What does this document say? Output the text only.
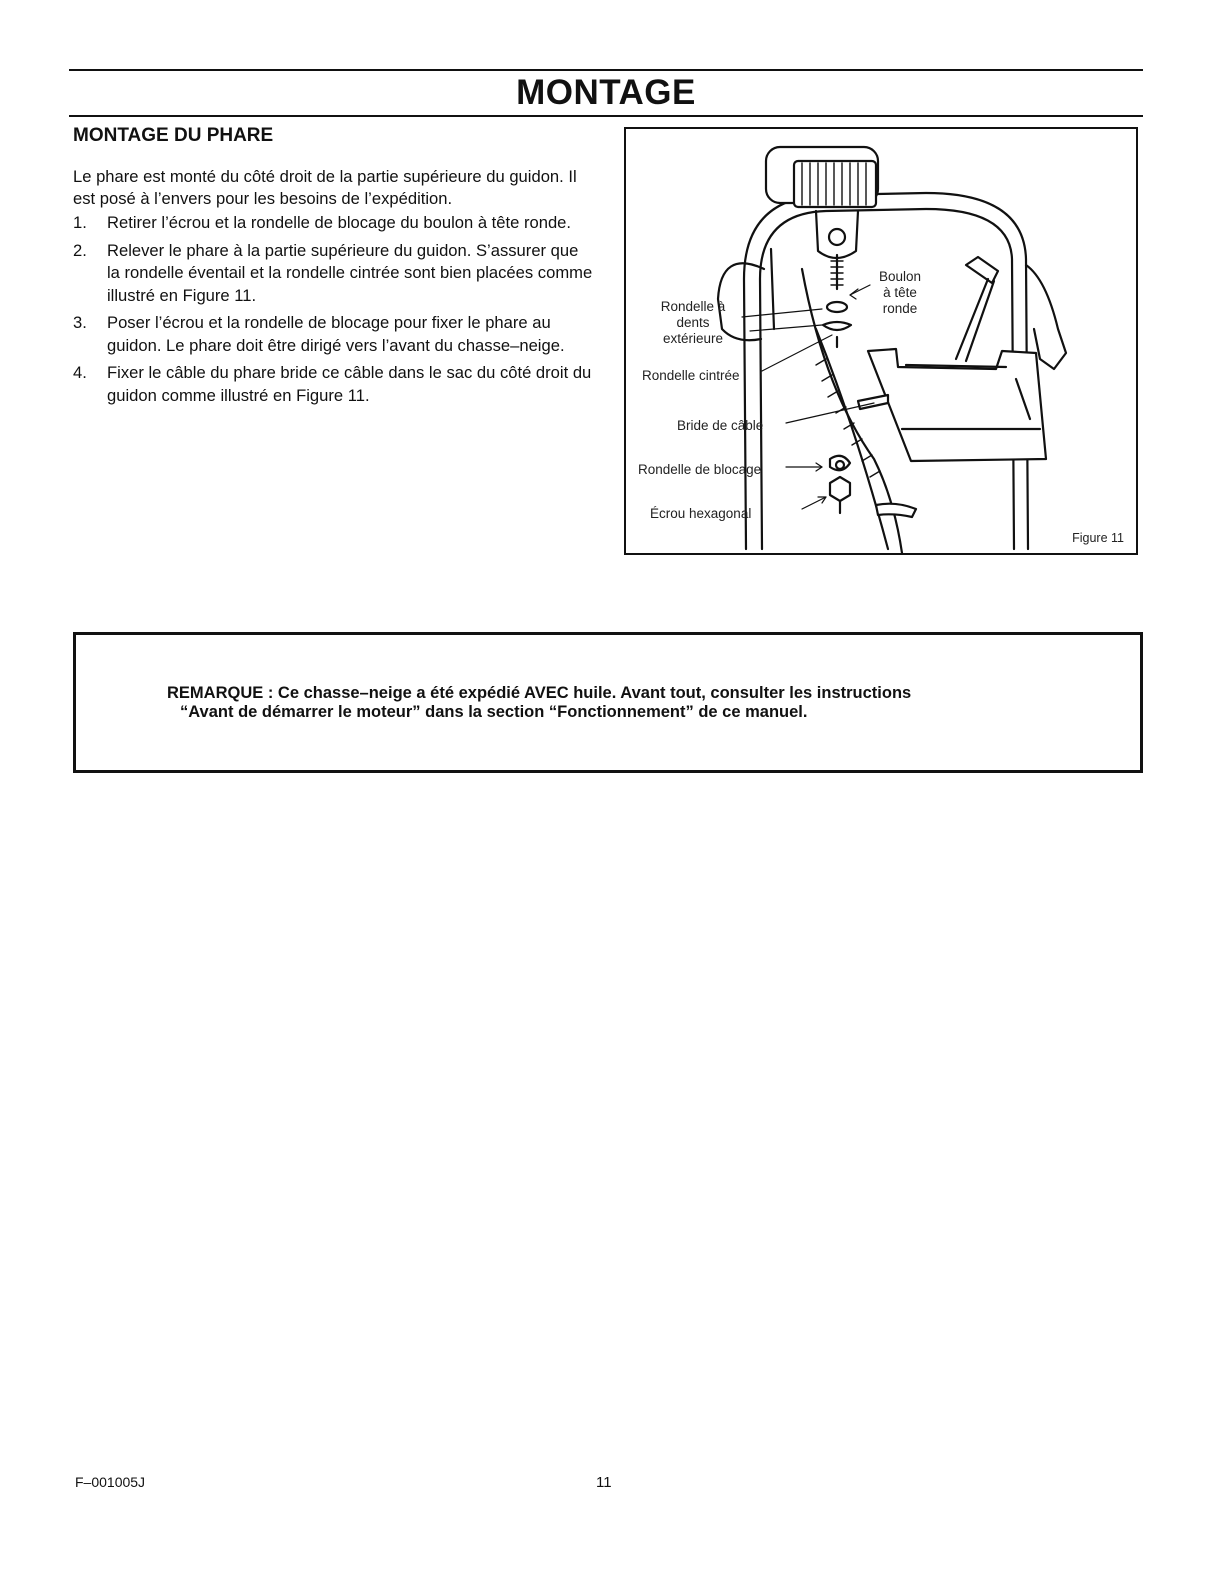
MONTAGE
MONTAGE DU PHARE

Le phare est monté du côté droit de la partie supérieure du guidon. Il est posé à l’envers pour les besoins de l’expédition.

1.	Retirer l’écrou et la rondelle de blocage du boulon à tête ronde.
2.	Relever le phare à la partie supérieure du guidon. S’assurer que la rondelle éventail et la rondelle cintrée sont bien placées comme illustré en Figure 11.
3.	Poser l’écrou et la rondelle de blocage pour fixer le phare au guidon. Le phare doit être dirigé vers l’avant du chasse–neige.
4.	Fixer le câble du phare bride ce câble dans le sac du côté droit du guidon comme illustré en Figure 11.
Boulon
à tête
ronde
Rondelle à
dents
extérieure
Rondelle cintrée
Bride de câble
Rondelle de blocage
Écrou hexagonal
Figure 11
REMARQUE : Ce chasse–neige a été expédié AVEC huile. Avant tout, consulter les instructions
“Avant de démarrer le moteur” dans la section “Fonctionnement” de ce manuel.
F–001005J	11
